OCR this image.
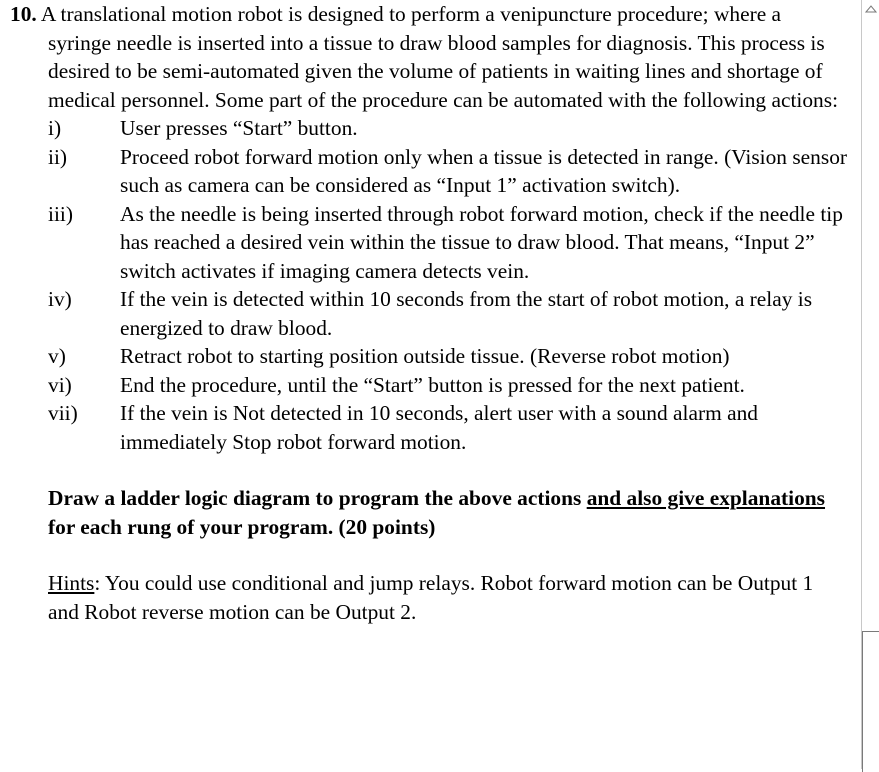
10. A translational motion robot is designed to perform a venipuncture procedure; where a syringe needle is inserted into a tissue to draw blood samples for diagnosis. This process is desired to be semi-automated given the volume of patients in waiting lines and shortage of medical personnel. Some part of the procedure can be automated with the following actions:

i)	User presses “Start” button.
ii)	Proceed robot forward motion only when a tissue is detected in range. (Vision sensor such as camera can be considered as “Input 1” activation switch).
iii)	As the needle is being inserted through robot forward motion, check if the needle tip has reached a desired vein within the tissue to draw blood. That means, “Input 2” switch activates if imaging camera detects vein.
iv)	If the vein is detected within 10 seconds from the start of robot motion, a relay is energized to draw blood.
v)	Retract robot to starting position outside tissue. (Reverse robot motion)
vi)	End the procedure, until the “Start” button is pressed for the next patient.
vii)	If the vein is Not detected in 10 seconds, alert user with a sound alarm and immediately Stop robot forward motion.

Draw a ladder logic diagram to program the above actions and also give explanations for each rung of your program. (20 points)

Hints: You could use conditional and jump relays. Robot forward motion can be Output 1 and Robot reverse motion can be Output 2.
